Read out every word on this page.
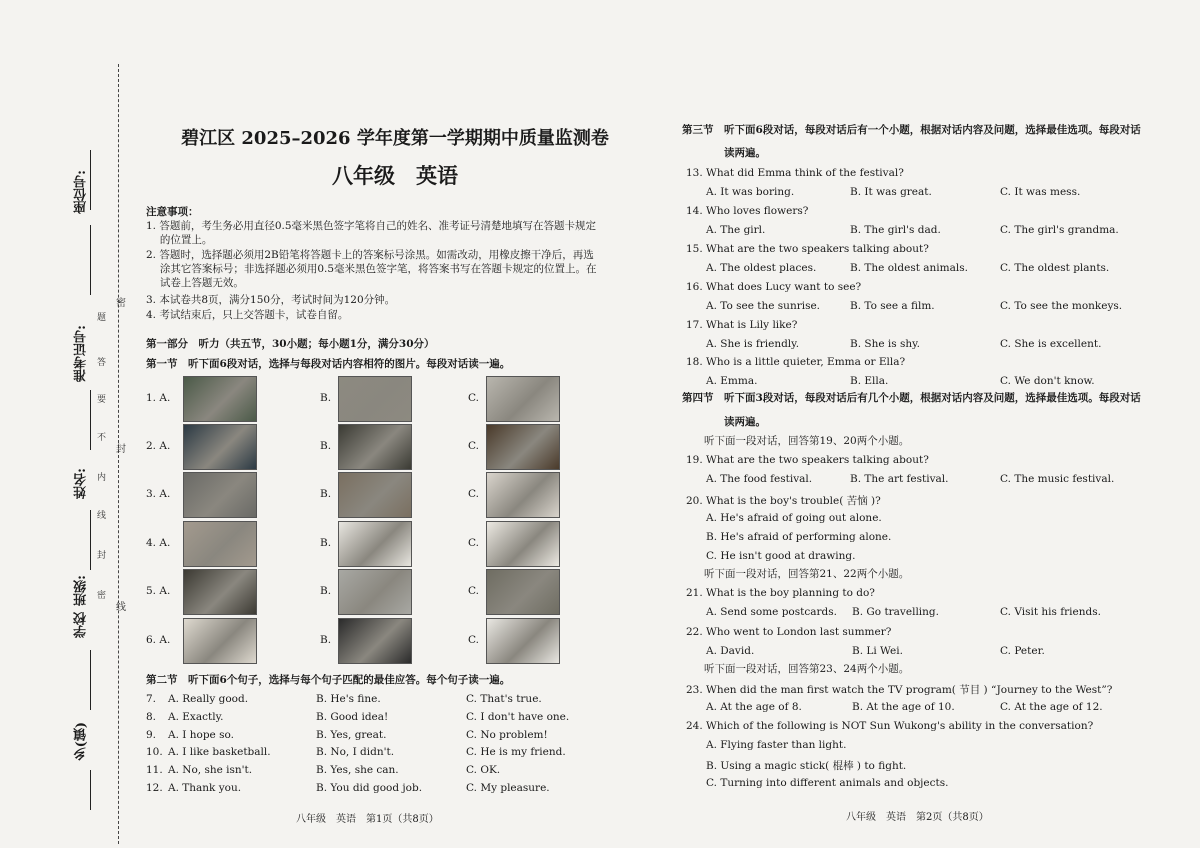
座位号:
准考证号:
姓名:
班级:
学校
乡(镇)
题
答
要
不
内
线
封
密
密
封
线
碧江区 2025–2026 学年度第一学期期中质量监测卷
八年级　英语
注意事项：
1. 答题前，考生务必用直径0.5毫米黑色签字笔将自己的姓名、准考证号清楚地填写在答题卡规定
　 的位置上。
2. 答题时，选择题必须用2B铅笔将答题卡上的答案标号涂黑。如需改动，用橡皮擦干净后，再选
　 涂其它答案标号；非选择题必须用0.5毫米黑色签字笔，将答案书写在答题卡规定的位置上。在
　 试卷上答题无效。
3. 本试卷共8页，满分150分，考试时间为120分钟。
4. 考试结束后，只上交答题卡，试卷自留。
第一部分　听力（共五节，30小题；每小题1分，满分30分）
第一节　听下面6段对话，选择与每段对话内容相符的图片。每段对话读一遍。
1. A.	B.	C.
2. A.	B.	C.
3. A.	B.	C.
4. A.	B.	C.
5. A.	B.	C.
6. A.	B.	C.
第二节　听下面6个句子，选择与每个句子匹配的最佳应答。每个句子读一遍。
7. A. Really good.	B. He's fine.	C. That's true.
8. A. Exactly.	B. Good idea!	C. I don't have one.
9. A. I hope so.	B. Yes, great.	C. No problem!
10. A. I like basketball.	B. No, I didn't.	C. He is my friend.
11. A. No, she isn't.	B. Yes, she can.	C. OK.
12. A. Thank you.	B. You did good job.	C. My pleasure.
八年级　英语　第1页（共8页）
第三节　听下面6段对话，每段对话后有一个小题，根据对话内容及问题，选择最佳选项。每段对话
读两遍。
13. What did Emma think of the festival?
A. It was boring.	B. It was great.	C. It was mess.
14. Who loves flowers?
A. The girl.	B. The girl's dad.	C. The girl's grandma.
15. What are the two speakers talking about?
A. The oldest places.	B. The oldest animals.	C. The oldest plants.
16. What does Lucy want to see?
A. To see the sunrise.	B. To see a film.	C. To see the monkeys.
17. What is Lily like?
A. She is friendly.	B. She is shy.	C. She is excellent.
18. Who is a little quieter, Emma or Ella?
A. Emma.	B. Ella.	C. We don't know.
第四节　听下面3段对话，每段对话后有几个小题，根据对话内容及问题，选择最佳选项。每段对话
读两遍。
听下面一段对话，回答第19、20两个小题。
19. What are the two speakers talking about?
A. The food festival.	B. The art festival.	C. The music festival.
20. What is the boy's trouble( 苦恼 )?
A. He's afraid of going out alone.
B. He's afraid of performing alone.
C. He isn't good at drawing.
听下面一段对话，回答第21、22两个小题。
21. What is the boy planning to do?
A. Send some postcards. B. Go travelling.	C. Visit his friends.
22. Who went to London last summer?
A. David.	B. Li Wei.	C. Peter.
听下面一段对话，回答第23、24两个小题。
23. When did the man first watch the TV program( 节目 ) “Journey to the West”?
A. At the age of 8.	B. At the age of 10.	C. At the age of 12.
24. Which of the following is NOT Sun Wukong's ability in the conversation?
A. Flying faster than light.
B. Using a magic stick( 棍棒 ) to fight.
C. Turning into different animals and objects.
八年级　英语　第2页（共8页）
